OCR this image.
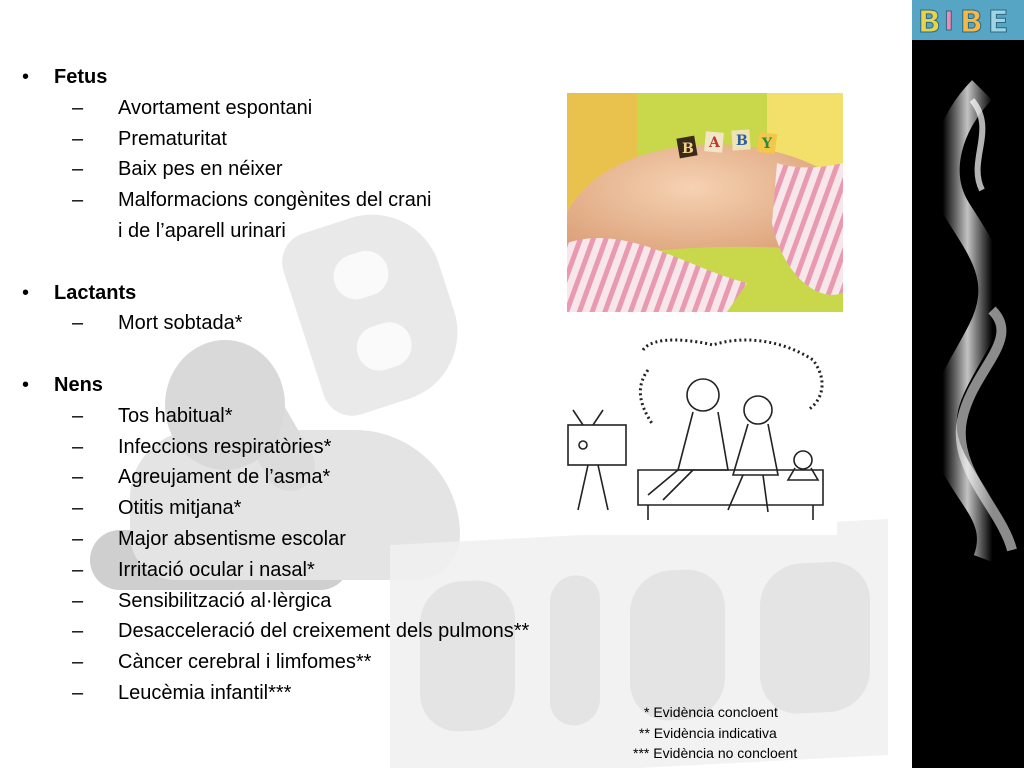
B I B E
• Fetus
– Avortament espontani
– Prematuritat
– Baix pes en néixer
– Malformacions congènites del crani
i de l’aparell urinari
• Lactants
– Mort sobtada*
• Nens
– Tos habitual*
– Infeccions respiratòries*
– Agreujament de l’asma*
– Otitis mitjana*
– Major absentisme escolar
– Irritació ocular i nasal*
– Sensibilització al·lèrgica
– Desacceleració del creixement dels pulmons**
– Càncer cerebral i limfomes**
– Leucèmia infantil***
B A B Y
* Evidència concloent
** Evidència indicativa
*** Evidència no concloent
